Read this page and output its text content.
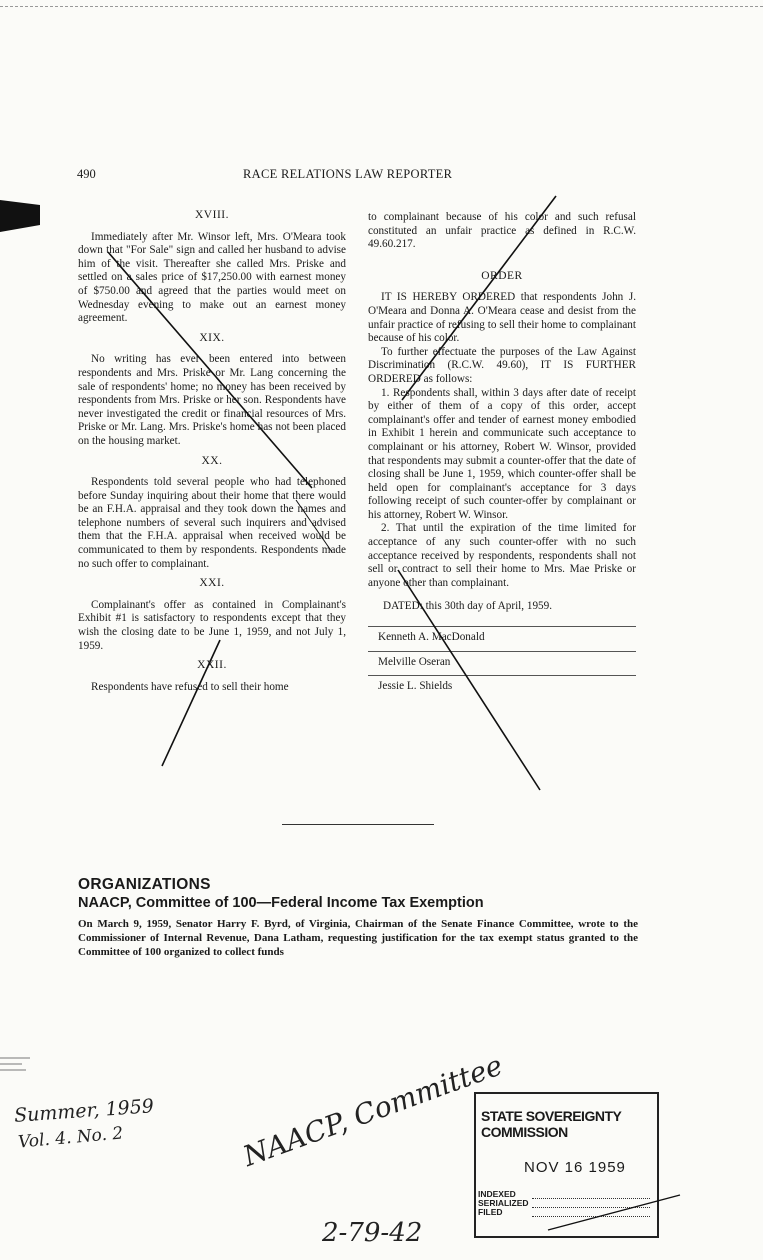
490	RACE RELATIONS LAW REPORTER
XVIII.

Immediately after Mr. Winsor left, Mrs. O'Meara took down that "For Sale" sign and called her husband to advise him of the visit. Thereafter she called Mrs. Priske and settled on a sales price of $17,250.00 with earnest money of $750.00 and agreed that the parties would meet on Wednesday evening to make out an earnest money agreement.

XIX.

No writing has ever been entered into between respondents and Mrs. Priske or Mr. Lang concerning the sale of respondents' home; no money has been received by respondents from Mrs. Priske or her son. Respondents have never investigated the credit or financial resources of Mrs. Priske or Mr. Lang. Mrs. Priske's home has not been placed on the housing market.

XX.

Respondents told several people who had telephoned before Sunday inquiring about their home that there would be an F.H.A. appraisal and they took down the names and telephone numbers of several such inquirers and advised them that the F.H.A. appraisal when received would be communicated to them by respondents. Respondents made no such offer to complainant.

XXI.

Complainant's offer as contained in Complainant's Exhibit #1 is satisfactory to respondents except that they wish the closing date to be June 1, 1959, and not July 1, 1959.

XXII.

Respondents have refused to sell their home

to complainant because of his color and such refusal constituted an unfair practice as defined in R.C.W. 49.60.217.

ORDER

IT IS HEREBY ORDERED that respondents John J. O'Meara and Donna A. O'Meara cease and desist from the unfair practice of refusing to sell their home to complainant because of his color.

To further effectuate the purposes of the Law Against Discrimination (R.C.W. 49.60), IT IS FURTHER ORDERED as follows:

1. Respondents shall, within 3 days after date of receipt by either of them of a copy of this order, accept complainant's offer and tender of earnest money embodied in Exhibit 1 herein and communicate such acceptance to complainant or his attorney, Robert W. Winsor, provided that respondents may submit a counter-offer that the date of closing shall be June 1, 1959, which counter-offer shall be held open for complainant's acceptance for 3 days following receipt of such counter-offer by complainant or his attorney, Robert W. Winsor.

2. That until the expiration of the time limited for acceptance of any such counter-offer with no such acceptance received by respondents, respondents shall not sell or contract to sell their home to Mrs. Mae Priske or anyone other than complainant.

DATED: this 30th day of April, 1959.

Kenneth A. MacDonald

Melville Oseran

Jessie L. Shields

ORGANIZATIONS
NAACP, Committee of 100—Federal Income Tax Exemption
On March 9, 1959, Senator Harry F. Byrd, of Virginia, Chairman of the Senate Finance Committee, wrote to the Commissioner of Internal Revenue, Dana Latham, requesting justification for the tax exempt status granted to the Committee of 100 organized to collect funds
Summer, 1959
Vol. 4. No. 2	NAACP, Committee
2-79-42
STATE SOVEREIGNTY COMMISSION
NOV 16 1959
INDEXED
SERIALIZED
FILED
